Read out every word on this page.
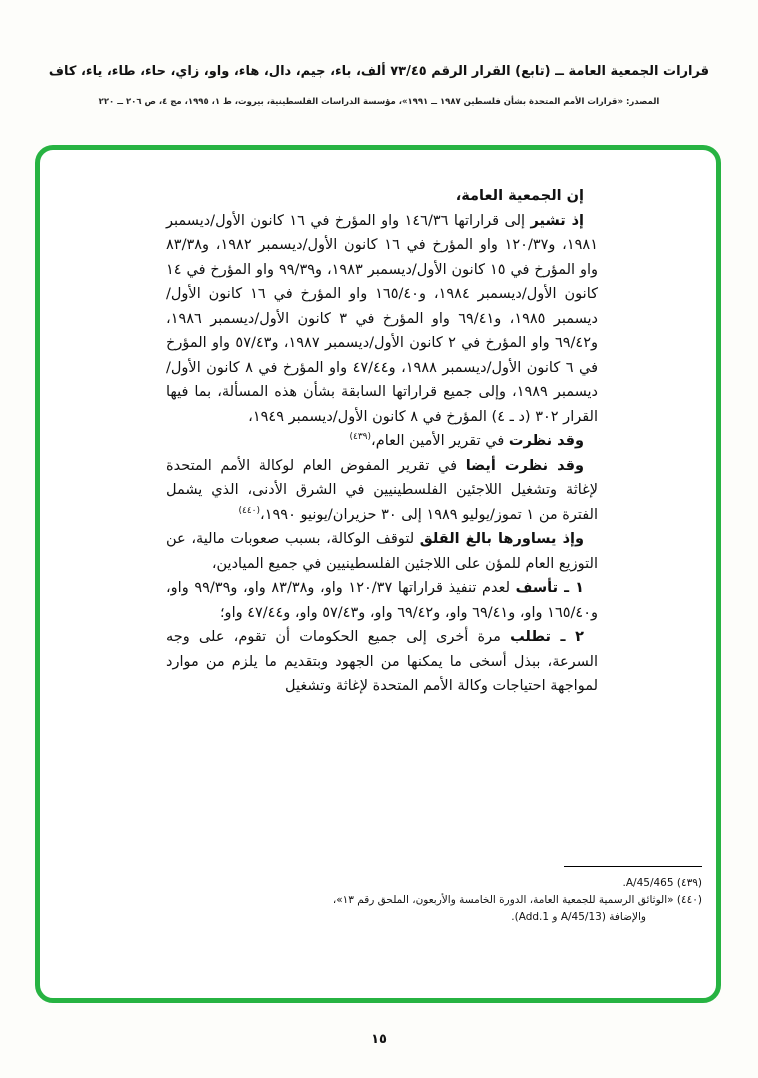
قرارات الجمعية العامة ــ (تابع) القرار الرقم ٧٣/٤٥ ألف، باء، جيم، دال، هاء، واو، زاي، حاء، طاء، ياء، كاف
المصدر: «قرارات الأمم المتحدة بشأن فلسطين ١٩٨٧ ــ ١٩٩١»، مؤسسة الدراسات الفلسطينية، بيروت، ط ١، ١٩٩٥، مج ٤، ص ٢٠٦ ــ ٢٢٠

إن الجمعية العامة،

إذ تشير إلى قراراتها ١٤٦/٣٦ واو المؤرخ في ١٦ كانون الأول/ديسمبر ١٩٨١، و١٢٠/٣٧ واو المؤرخ في ١٦ كانون الأول/ديسمبر ١٩٨٢، و٨٣/٣٨ واو المؤرخ في ١٥ كانون الأول/ديسمبر ١٩٨٣، و٩٩/٣٩ واو المؤرخ في ١٤ كانون الأول/ديسمبر ١٩٨٤، و١٦٥/٤٠ واو المؤرخ في ١٦ كانون الأول/ديسمبر ١٩٨٥، و٦٩/٤١ واو المؤرخ في ٣ كانون الأول/ديسمبر ١٩٨٦، و٦٩/٤٢ واو المؤرخ في ٢ كانون الأول/ديسمبر ١٩٨٧، و٥٧/٤٣ واو المؤرخ في ٦ كانون الأول/ديسمبر ١٩٨٨، و٤٧/٤٤ واو المؤرخ في ٨ كانون الأول/ديسمبر ١٩٨٩، وإلى جميع قراراتها السابقة بشأن هذه المسألة، بما فيها القرار ٣٠٢ (د ـ ٤) المؤرخ في ٨ كانون الأول/ديسمبر ١٩٤٩،

وقد نظرت في تقرير الأمين العام،$^{(٤٣٩)}$

وقد نظرت أيضا في تقرير المفوض العام لوكالة الأمم المتحدة لإغاثة وتشغيل اللاجئين الفلسطينيين في الشرق الأدنى، الذي يشمل الفترة من ١ تموز/يوليو ١٩٨٩ إلى ٣٠ حزيران/يونيو ١٩٩٠،$^{(٤٤٠)}$

وإذ يساورها بالغ القلق لتوقف الوكالة، بسبب صعوبات مالية، عن التوزيع العام للمؤن على اللاجئين الفلسطينيين في جميع الميادين،

١ ـ تأسف لعدم تنفيذ قراراتها ١٢٠/٣٧ واو، و٨٣/٣٨ واو، و٩٩/٣٩ واو، و١٦٥/٤٠ واو، و٦٩/٤١ واو، و٦٩/٤٢ واو، و٥٧/٤٣ واو، و٤٧/٤٤ واو؛

٢ ـ تطلب مرة أخرى إلى جميع الحكومات أن تقوم، على وجه السرعة، ببذل أسخى ما يمكنها من الجهود وبتقديم ما يلزم من موارد لمواجهة احتياجات وكالة الأمم المتحدة لإغاثة وتشغيل

(٤٣٩) A/45/465.

(٤٤٠) «الوثائق الرسمية للجمعية العامة، الدورة الخامسة والأربعون، الملحق رقم ١٣»، والإضافة (A/45/13 و Add.1).

١٥
